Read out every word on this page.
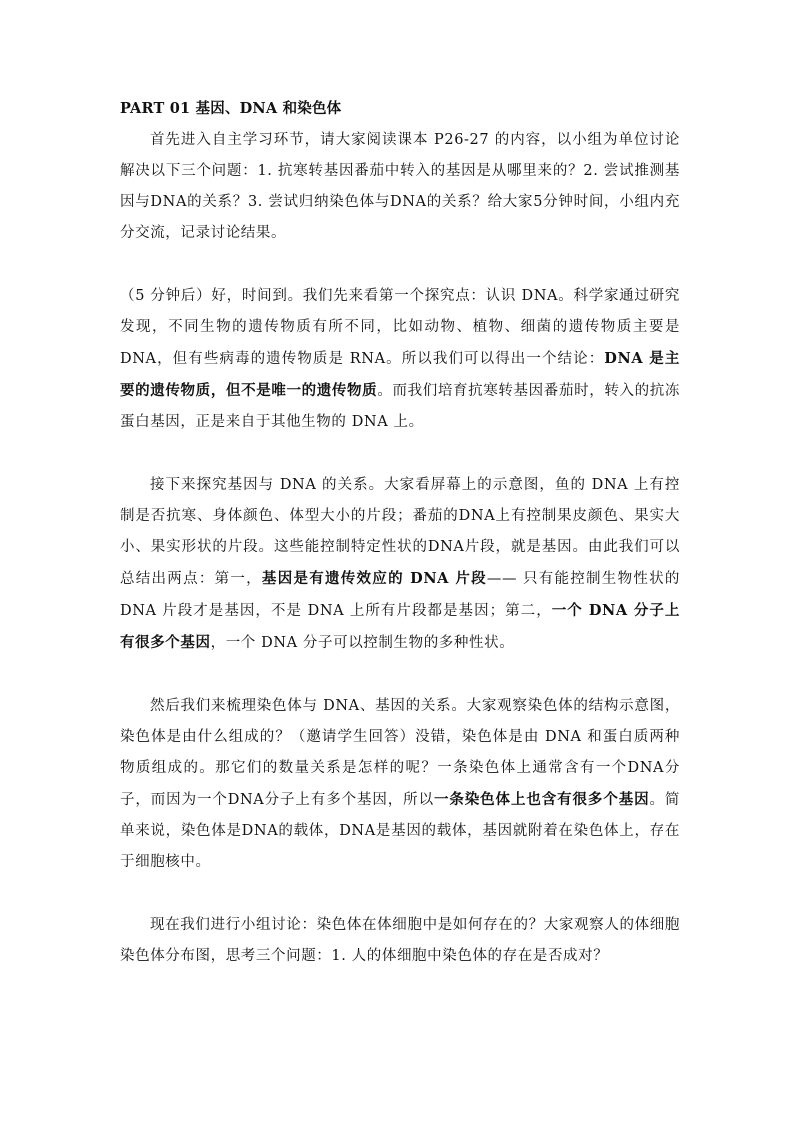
PART 01 基因、DNA 和染色体

首先进入自主学习环节，请大家阅读课本 P26-27 的内容，以小组为单位讨论解决以下三个问题：1. 抗寒转基因番茄中转入的基因是从哪里来的？2. 尝试推测基因与DNA的关系？3. 尝试归纳染色体与DNA的关系？给大家5分钟时间，小组内充分交流，记录讨论结果。

（5 分钟后）好，时间到。我们先来看第一个探究点：认识 DNA。科学家通过研究发现，不同生物的遗传物质有所不同，比如动物、植物、细菌的遗传物质主要是 DNA，但有些病毒的遗传物质是 RNA。所以我们可以得出一个结论：DNA 是主要的遗传物质，但不是唯一的遗传物质。而我们培育抗寒转基因番茄时，转入的抗冻蛋白基因，正是来自于其他生物的 DNA 上。

接下来探究基因与 DNA 的关系。大家看屏幕上的示意图，鱼的 DNA 上有控制是否抗寒、身体颜色、体型大小的片段；番茄的DNA上有控制果皮颜色、果实大小、果实形状的片段。这些能控制特定性状的DNA片段，就是基因。由此我们可以总结出两点：第一，基因是有遗传效应的 DNA 片段—— 只有能控制生物性状的 DNA 片段才是基因，不是 DNA 上所有片段都是基因；第二，一个 DNA 分子上有很多个基因，一个 DNA 分子可以控制生物的多种性状。

然后我们来梳理染色体与 DNA、基因的关系。大家观察染色体的结构示意图，染色体是由什么组成的？（邀请学生回答）没错，染色体是由 DNA 和蛋白质两种物质组成的。那它们的数量关系是怎样的呢？一条染色体上通常含有一个DNA分子，而因为一个DNA分子上有多个基因，所以一条染色体上也含有很多个基因。简单来说，染色体是DNA的载体，DNA是基因的载体，基因就附着在染色体上，存在于细胞核中。

现在我们进行小组讨论：染色体在体细胞中是如何存在的？大家观察人的体细胞染色体分布图，思考三个问题：1. 人的体细胞中染色体的存在是否成对？
